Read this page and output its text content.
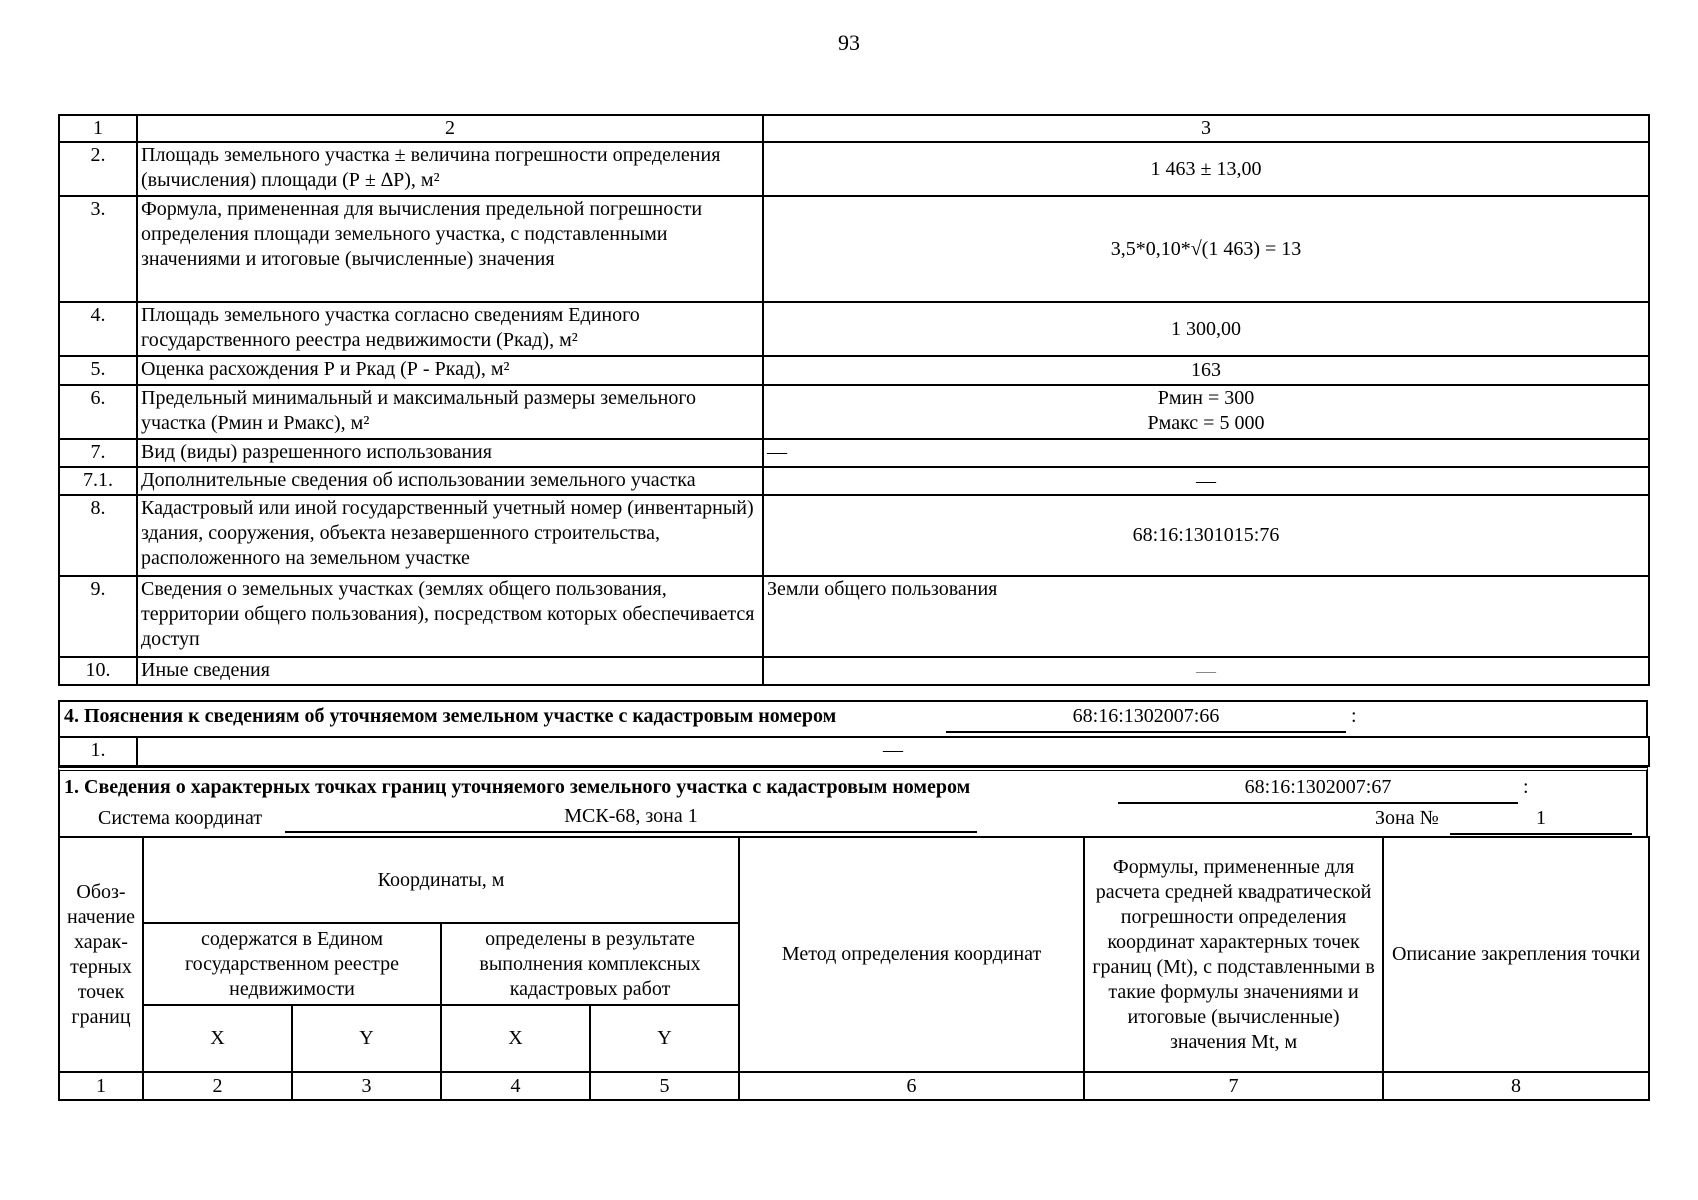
93
1	2	3
2.	Площадь земельного участка ± величина погрешности определения (вычисления) площади (Р ± ∆Р), м²	1 463 ± 13,00
3.	Формула, примененная для вычисления предельной погрешности определения площади земельного участка, с подставленными значениями и итоговые (вычисленные) значения	3,5*0,10*√(1 463) = 13
4.	Площадь земельного участка согласно сведениям Единого государственного реестра недвижимости (Ркад), м²	1 300,00
5.	Оценка расхождения Р и Ркад (Р - Ркад), м²	163
6.	Предельный минимальный и максимальный размеры земельного участка (Рмин и Рмакс), м²	Рмин = 300
Рмакс = 5 000

7.	Вид (виды) разрешенного использования	—
7.1.	Дополнительные сведения об использовании земельного участка	—
8.	Кадастровый или иной государственный учетный номер (инвентарный) здания, сооружения, объекта незавершенного строительства, расположенного на земельном участке	68:16:1301015:76
9.	Сведения о земельных участках (землях общего пользования, территории общего пользования), посредством которых обеспечивается доступ	Земли общего пользования
10.	Иные сведения	—
4. Пояснения к сведениям об уточняемом земельном участке с кадастровым номером	68:16:1302007:66	:
1.	—
1. Сведения о характерных точках границ уточняемого земельного участка с кадастровым номером	68:16:1302007:67	:
Система координат	МСК-68, зона 1	Зона №	1
Обоз- начение харак- терных точек границ	Координаты, м				Метод определения координат	Формулы, примененные для расчета средней квадратической погрешности определения координат характерных точек границ (Mt), с подставленными в такие формулы значениями и итоговые (вычисленные) значения Mt, м	Описание закрепления точки
	содержатся в Едином государственном реестре недвижимости		определены в результате выполнения комплексных кадастровых работ				
	X	Y	X	Y			
1	2	3	4	5	6	7	8
